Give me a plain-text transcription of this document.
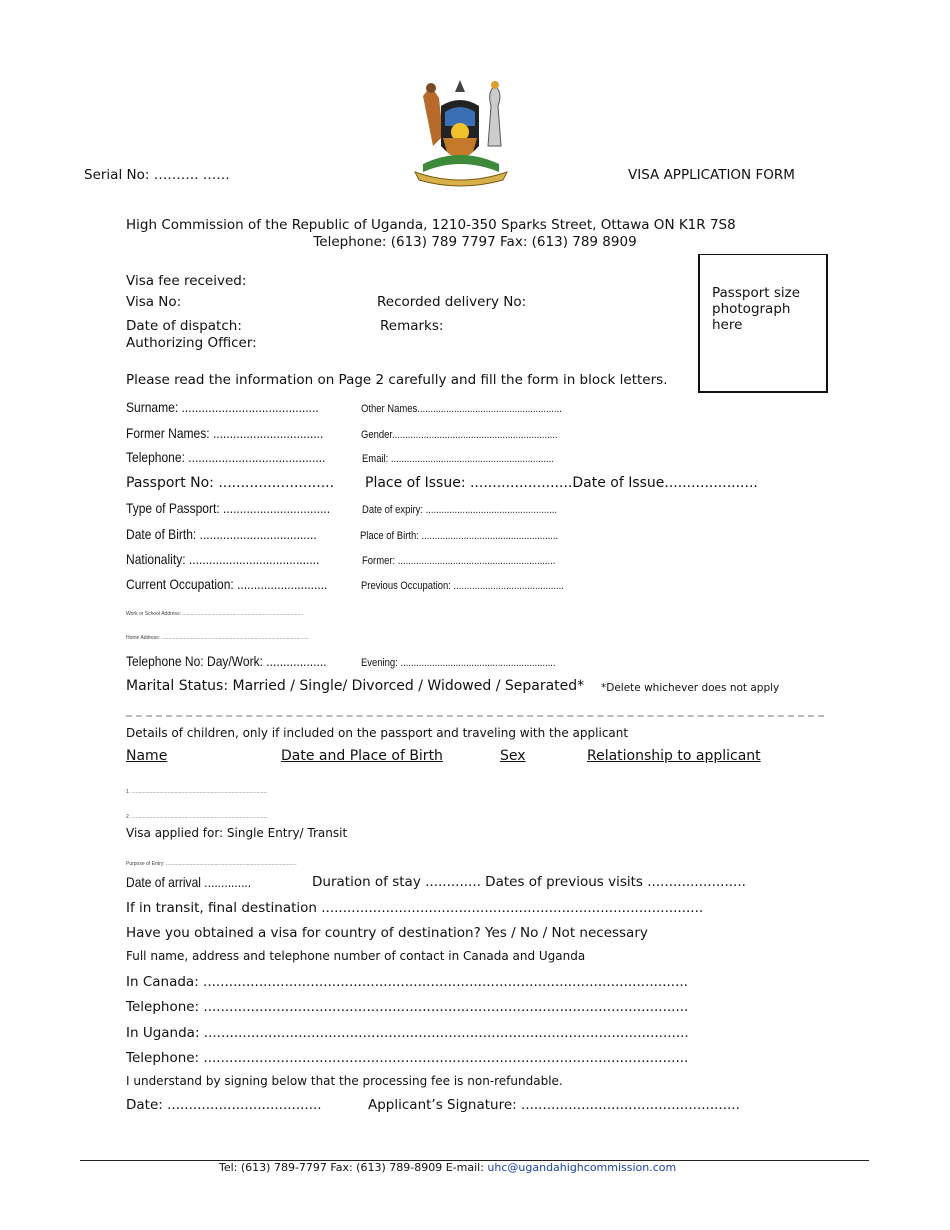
Serial No: ………. ……	VISA APPLICATION FORM
High Commission of the Republic of Uganda, 1210-350 Sparks Street, Ottawa ON K1R 7S8
Telephone: (613) 789 7797 Fax: (613) 789 8909
Visa fee received:
Visa No:	Recorded delivery No:
Date of dispatch:	Remarks:
Authorizing Officer:
Passport size photograph here
Please read the information on Page 2 carefully and fill the form in block letters.
Surname: .........................................	Other Names.......................................................
Former Names: .................................	Gender...............................................................
Telephone: .........................................	Email: ..............................................................
Passport No: .......................... Place of Issue: .......................Date of Issue.....................
Type of Passport: ................................	Date of expiry: ..................................................
Date of Birth: ...................................	Place of Birth: ....................................................
Nationality: .......................................	Former: ............................................................
Current Occupation: ...........................	Previous Occupation: ..........................................
Work or School Address: .......................................................................................
Home Address: ..........................................................................................................
Telephone No: Day/Work: ..................	Evening: ...........................................................
Marital Status: Married / Single/ Divorced / Widowed / Separated* *Delete whichever does not apply
Details of children, only if included on the passport and traveling with the applicant
Name	Date and Place of Birth	Sex	Relationship to applicant
1. ..................................................................................................
2. ..................................................................................................
Visa applied for: Single Entry/ Transit
Purpose of Entry: ..............................................................................................
Date of arrival ..............	Duration of stay ............. Dates of previous visits .......................
If in transit, final destination .........................................................................................
Have you obtained a visa for country of destination? Yes / No / Not necessary
Full name, address and telephone number of contact in Canada and Uganda
In Canada: .................................................................................................................
Telephone: .................................................................................................................
In Uganda: .................................................................................................................
Telephone: .................................................................................................................
I understand by signing below that the processing fee is non-refundable.
Date: ....................................	Applicant’s Signature: ...................................................
Tel: (613) 789-7797 Fax: (613) 789-8909 E-mail: uhc@ugandahighcommission.com
